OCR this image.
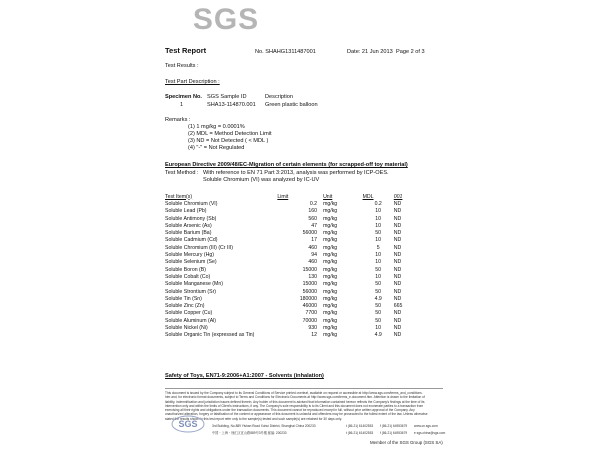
SGS
Test Report	No. SHAHG1311487001	Date: 21 Jun 2013 Page 2 of 3
Test Results :
Test Part Description :
Specimen No. SGS Sample ID	Description
1	SHA13-114870.001 Green plastic balloon
Remarks :
(1) 1 mg/kg = 0.0001%
(2) MDL = Method Detection Limit
(3) ND = Not Detected ( < MDL )
(4) "-" = Not Regulated
European Directive 2009/48/EC-Migration of certain elements (for scrapped-off toy material)
Test Method : With reference to EN 71 Part 3:2013, analysis was performed by ICP-OES.
Soluble Chromium (VI) was analyzed by IC-UV
Test Item(s)	Limit	Unit	MDL	001
Soluble Chromium (VI)	0.2	mg/kg	0.2	ND
Soluble Lead (Pb)	160	mg/kg	10	ND
Soluble Antimony (Sb)	560	mg/kg	10	ND
Soluble Arsenic (As)	47	mg/kg	10	ND
Soluble Barium (Ba)	56000	mg/kg	50	ND
Soluble Cadmium (Cd)	17	mg/kg	10	ND
Soluble Chromium (III) (Cr III)	460	mg/kg	5	ND
Soluble Mercury (Hg)	94	mg/kg	10	ND
Soluble Selenium (Se)	460	mg/kg	10	ND
Soluble Boron (B)	15000	mg/kg	50	ND
Soluble Cobalt (Co)	130	mg/kg	10	ND
Soluble Manganese (Mn)	15000	mg/kg	50	ND
Soluble Strontium (Sr)	56000	mg/kg	50	ND
Soluble Tin (Sn)	180000	mg/kg	4.9	ND
Soluble Zinc (Zn)	46000	mg/kg	50	665
Soluble Copper (Cu)	7700	mg/kg	50	ND
Soluble Aluminum (Al)	70000	mg/kg	50	ND
Soluble Nickel (Ni)	930	mg/kg	10	ND
Soluble Organic Tin (expressed as Tin)	12	mg/kg	4.9	ND
Safety of Toys, EN71-9:2006+A1:2007 - Solvents (inhalation)
This document is issued by the Company subject to its General Conditions of Service printed overleaf, available on request or accessible at http://www.sgs.com/terms_and_conditions.
htm and, for electronic format documents, subject to Terms and Conditions for Electronic Documents at http://www.sgs.com/terms_e-document.htm. Attention is drawn to the limitation of
liability, indemnification and jurisdiction issues defined therein. Any holder of this document is advised that information contained hereon reflects the Company's findings at the time of its
intervention only and within the limits of Client's instructions, if any. The Company's sole responsibility is to its Client and this document does not exonerate parties to a transaction from
exercising all their rights and obligations under the transaction documents. This document cannot be reproduced except in full, without prior written approval of the Company. Any
unauthorized alteration, forgery or falsification of the content or appearance of this document is unlawful and offenders may be prosecuted to the fullest extent of the law. Unless otherwise
stated the results shown in this test report refer only to the sample(s) tested and such sample(s) are retained for 30 days only.
SGS	3rd Building, No.889 Yishan Road Xuhui District, Shanghai China 200233
中国・上海・徐汇区宜山路889号3号楼 邮编: 200233
t (86-21) 61402553
t (86-21) 61402553
f (86-21) 64953679
f (86-21) 64953679
www.cn.sgs.com
e sgs.china@sgs.com
Member of the SGS Group (SGS SA)
